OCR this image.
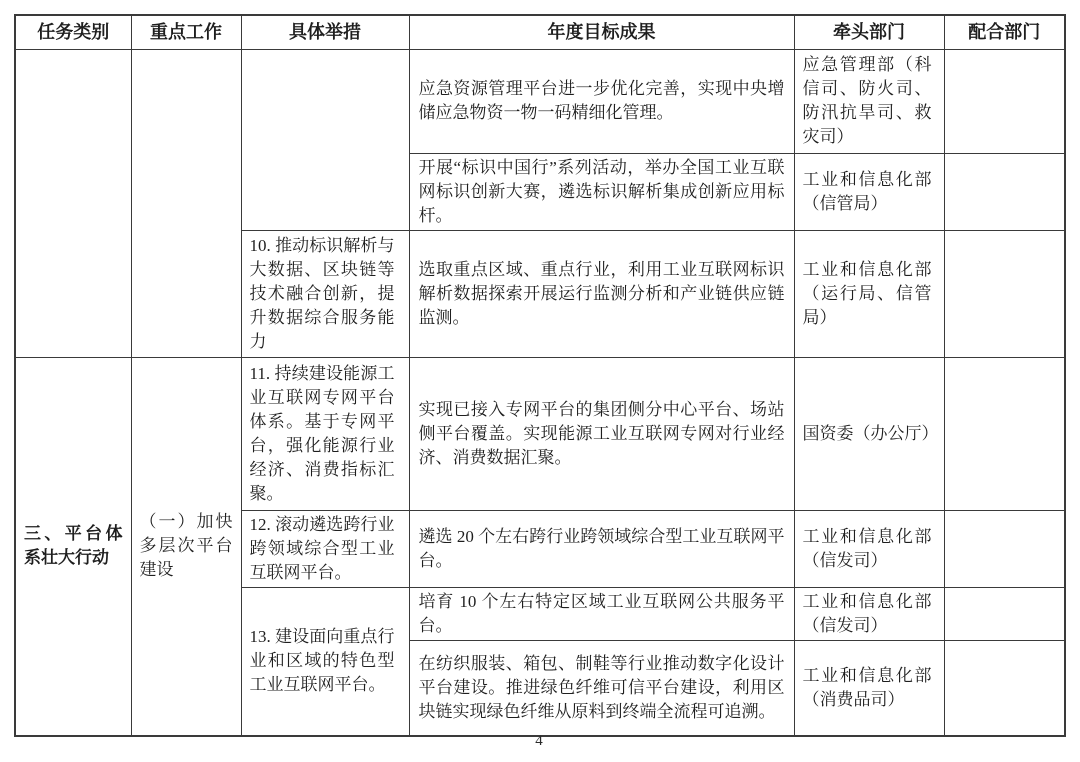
任务类别	重点工作	具体举措	年度目标成果	牵头部门	配合部门
			应急资源管理平台进一步优化完善，实现中央增储应急物资一物一码精细化管理。	应急管理部（科信司、防火司、防汛抗旱司、救灾司）	
			开展“标识中国行”系列活动，举办全国工业互联网标识创新大赛，遴选标识解析集成创新应用标杆。	工业和信息化部（信管局）	
		10. 推动标识解析与大数据、区块链等技术融合创新，提升数据综合服务能力	选取重点区域、重点行业，利用工业互联网标识解析数据探索开展运行监测分析和产业链供应链监测。	工业和信息化部（运行局、信管局）	
三、平台体系壮大行动	（一）加快多层次平台建设	11. 持续建设能源工业互联网专网平台体系。基于专网平台，强化能源行业经济、消费指标汇聚。	实现已接入专网平台的集团侧分中心平台、场站侧平台覆盖。实现能源工业互联网专网对行业经济、消费数据汇聚。	国资委（办公厅）	
		12. 滚动遴选跨行业跨领域综合型工业互联网平台。	遴选 20 个左右跨行业跨领域综合型工业互联网平台。	工业和信息化部（信发司）	
		13. 建设面向重点行业和区域的特色型工业互联网平台。	培育 10 个左右特定区域工业互联网公共服务平台。	工业和信息化部（信发司）	
			在纺织服装、箱包、制鞋等行业推动数字化设计平台建设。推进绿色纤维可信平台建设，利用区块链实现绿色纤维从原料到终端全流程可追溯。	工业和信息化部（消费品司）	
4
